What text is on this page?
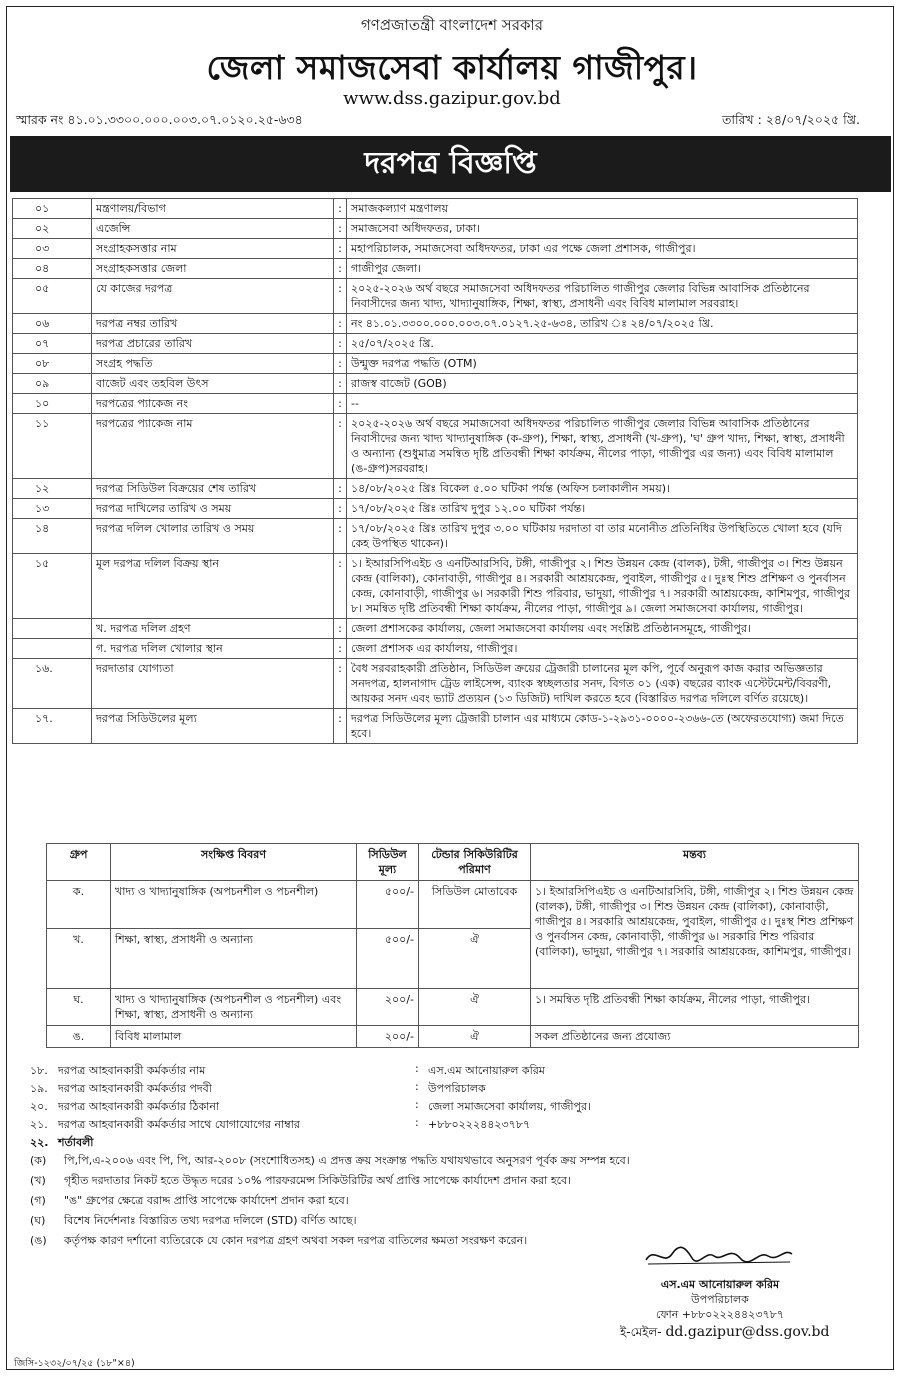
গণপ্রজাতন্ত্রী বাংলাদেশ সরকার
জেলা সমাজসেবা কার্যালয় গাজীপুর।
www.dss.gazipur.gov.bd
স্মারক নং ৪১.০১.৩৩০০.০০০.০০৩.০৭.০১২০.২৫-৬৩৪	তারিখ : ২৪/০৭/২০২৫ খ্রি.
দরপত্র বিজ্ঞপ্তি
০১	মন্ত্রণালয়/বিভাগ	:	সমাজকল্যাণ মন্ত্রণালয়
০২	এজেন্সি	:	সমাজসেবা অধিদফতর, ঢাকা।
০৩	সংগ্রাহকসত্তার নাম	:	মহাপরিচালক, সমাজসেবা অধিদফতর, ঢাকা এর পক্ষে জেলা প্রশাসক, গাজীপুর।
০৪	সংগ্রাহকসত্তার জেলা	:	গাজীপুর জেলা।
০৫	যে কাজের দরপত্র	:	২০২৫-২০২৬ অর্থ বছরে সমাজসেবা অধিদফতর পরিচালিত গাজীপুর জেলার বিভিন্ন আবাসিক প্রতিষ্ঠানের নিবাসীদের জন্য খাদ্য, খাদ্যানুষাঙ্গিক, শিক্ষা, স্বাস্থ্য, প্রসাধনী এবং বিবিধ মালামাল সরবরাহ।
০৬	দরপত্র নম্বর তারিখ	:	নং ৪১.০১.৩৩০০.০০০.০০৩.০৭.০১২৭.২৫-৬৩৪, তারিখ ঃ ২৪/০৭/২০২৫ খ্রি.
০৭	দরপত্র প্রচারের তারিখ	:	২৫/০৭/২০২৫ খ্রি.
০৮	সংগ্রহ পদ্ধতি	:	উন্মুক্ত দরপত্র পদ্ধতি (OTM)
০৯	বাজেট এবং তহবিল উৎস	:	রাজস্ব বাজেট (GOB)
১০	দরপত্রের প্যাকেজ নং	:	--
১১	দরপত্রের প্যাকেজ নাম	:	২০২৫-২০২৬ অর্থ বছরে সমাজসেবা অধিদফতর পরিচালিত গাজীপুর জেলার বিভিন্ন আবাসিক প্রতিষ্ঠানের নিবাসীদের জন্য খাদ্য খাদ্যানুষাঙ্গিক (ক-গ্রুপ), শিক্ষা, স্বাস্থ্য, প্রসাধনী (খ-গ্রুপ), 'ঘ' গ্রুপ খাদ্য, শিক্ষা, স্বাস্থ্য, প্রসাধনী ও অন্যান্য (শুধুমাত্র সমন্বিত দৃষ্টি প্রতিবন্ধী শিক্ষা কার্যক্রম, নীলের পাড়া, গাজীপুর এর জন্য) এবং বিবিধ মালামাল (ঙ-গ্রুপ)সরবরাহ।
১২	দরপত্র সিডিউল বিক্রয়ের শেষ তারিখ	:	১৪/০৮/২০২৫ খ্রিঃ বিকেল ৫.০০ ঘটিকা পর্যন্ত (অফিস চলাকালীন সময়)।
১৩	দরপত্র দাখিলের তারিখ ও সময়	:	১৭/০৮/২০২৫ খ্রিঃ তারিখ দুপুর ১২.০০ ঘটিকা পর্যন্ত।
১৪	দরপত্র দলিল খোলার তারিখ ও সময়	:	১৭/০৮/২০২৫ খ্রিঃ তারিখ দুপুর ৩.০০ ঘটিকায় দরদাতা বা তার মনোনীত প্রতিনিধির উপস্থিতিতে খোলা হবে (যদি কেহ উপস্থিত থাকেন)।
১৫	মূল দরপত্র দলিল বিক্রয় স্থান	:	১। ইআরসিপিএইচ ও এনটিআরসিবি, টঙ্গী, গাজীপুর ২। শিশু উন্নয়ন কেন্দ্র (বালক), টঙ্গী, গাজীপুর ৩। শিশু উন্নয়ন কেন্দ্র (বালিকা), কোনাবাড়ী, গাজীপুর ৪। সরকারী আশ্রয়কেন্দ্র, পুবাইল, গাজীপুর ৫। দুঃস্থ শিশু প্রশিক্ষণ ও পুনর্বাসন কেন্দ্র, কোনাবাড়ী, গাজীপুর ৬। সরকারী শিশু পরিবার, ভাদুয়া, গাজীপুর ৭। সরকারী আশ্রয়কেন্দ্র, কাশিমপুর, গাজীপুর ৮। সমন্বিত দৃষ্টি প্রতিবন্ধী শিক্ষা কার্যক্রম, নীলের পাড়া, গাজীপুর ৯। জেলা সমাজসেবা কার্যালয়, গাজীপুর।
	খ. দরপত্র দলিল গ্রহণ	:	জেলা প্রশাসকের কার্যালয়, জেলা সমাজসেবা কার্যালয় এবং সংশ্লিষ্ট প্রতিষ্ঠানসমূহে, গাজীপুর।
	গ. দরপত্র দলিল খোলার স্থান	:	জেলা প্রশাসক এর কার্যালয়, গাজীপুর।
১৬.	দরদাতার যোগ্যতা	:	বৈধ সরবরাহকারী প্রতিষ্ঠান, সিডিউল ক্রয়ের ট্রেজারী চালানের মূল কপি, পূর্বে অনুরূপ কাজ করার অভিজ্ঞতার সনদপত্র, হালনাগাদ ট্রেড লাইসেন্স, ব্যাংক স্বচ্ছলতার সনদ, বিগত ০১ (এক) বছরের ব্যাংক এস্টেটমেন্ট/বিবরণী, আয়কর সনদ এবং ভ্যাট প্রত্যয়ন (১৩ ডিজিট) দাখিল করতে হবে (বিস্তারিত দরপত্র দলিলে বর্ণিত রয়েছে)।
১৭.	দরপত্র সিডিউলের মূল্য	:	দরপত্র সিডিউলের মূল্য ট্রেজারী চালান এর মাধ্যমে কোড-১-২৯৩১-০০০০-২৩৬৬-তে (অফেরতযোগ্য) জমা দিতে হবে।
গ্রুপ	সংক্ষিপ্ত বিবরণ	সিডিউল মূল্য	টেন্ডার সিকিউরিটির পরিমাণ	মন্তব্য
ক.	খাদ্য ও খাদ্যানুষাঙ্গিক (অপচনশীল ও পচনশীল)	৫০০/-	সিডিউল মোতাবেক	১। ইআরসিপিএইচ ও এনটিআরসিবি, টঙ্গী, গাজীপুর ২। শিশু উন্নয়ন কেন্দ্র (বালক), টঙ্গী, গাজীপুর ৩। শিশু উন্নয়ন কেন্দ্র (বালিকা), কোনাবাড়ী, গাজীপুর ৪। সরকারি আশ্রয়কেন্দ্র, পুবাইল, গাজীপুর ৫। দুঃস্থ শিশু প্রশিক্ষণ ও পুনর্বাসন কেন্দ্র, কোনাবাড়ী, গাজীপুর ৬। সরকারি শিশু পরিবার (বালিকা), ভাদুয়া, গাজীপুর ৭। সরকারি আশ্রয়কেন্দ্র, কাশিমপুর, গাজীপুর।
খ.	শিক্ষা, স্বাস্থ্য, প্রসাধনী ও অন্যান্য	৫০০/-	ঐ	
ঘ.	খাদ্য ও খাদ্যানুষাঙ্গিক (অপচনশীল ও পচনশীল) এবং শিক্ষা, স্বাস্থ্য, প্রসাধনী ও অন্যান্য	২০০/-	ঐ	১। সমন্বিত দৃষ্টি প্রতিবন্ধী শিক্ষা কার্যক্রম, নীলের পাড়া, গাজীপুর।
ঙ.	বিবিধ মালামাল	২০০/-	ঐ	সকল প্রতিষ্ঠানের জন্য প্রযোজ্য
১৮. দরপত্র আহবানকারী কর্মকর্তার নাম	: এস.এম আনোয়ারুল করিম
১৯. দরপত্র আহবানকারী কর্মকর্তার পদবী	: উপপরিচালক
২০. দরপত্র আহবানকারী কর্মকর্তার ঠিকানা	: জেলা সমাজসেবা কার্যালয়, গাজীপুর।
২১. দরপত্র আহবানকারী কর্মকর্তার সাথে যোগাযোগের নাম্বার	: +৮৮০২২২৪৪২৩৭৮৭
২২. শর্তাবলী
(ক) পি,পি,এ-২০০৬ এবং পি, পি, আর-২০০৮ (সংশোধিতসহ) এ প্রদত্ত ক্রয় সংক্রান্ত পদ্ধতি যথাযথভাবে অনুসরণ পূর্বক ক্রয় সম্পন্ন হবে।
(খ) গৃহীত দরদাতার নিকট হতে উদ্ধৃত দরের ১০% পারফরমেন্স সিকিউরিটির অর্থ প্রাপ্তি সাপেক্ষে কার্যাদেশ প্রদান করা হবে।
(গ) "ঙ" গ্রুপের ক্ষেত্রে বরাদ্দ প্রাপ্তি সাপেক্ষে কার্যাদেশ প্রদান করা হবে।
(ঘ) বিশেষ নির্দেশনাঃ বিস্তারিত তথ্য দরপত্র দলিলে (STD) বর্ণিত আছে।
(ঙ) কর্তৃপক্ষ কারণ দর্শানো ব্যতিরেকে যে কোন দরপত্র গ্রহণ অথবা সকল দরপত্র বাতিলের ক্ষমতা সংরক্ষণ করেন।
এস.এম আনোয়ারুল করিম
উপপরিচালক
ফোন +৮৮০২২২৪৪২৩৭৮৭
ই-মেইল- dd.gazipur@dss.gov.bd
জিসি-১২৩২/০৭/২৫ (১৮"×৪)
